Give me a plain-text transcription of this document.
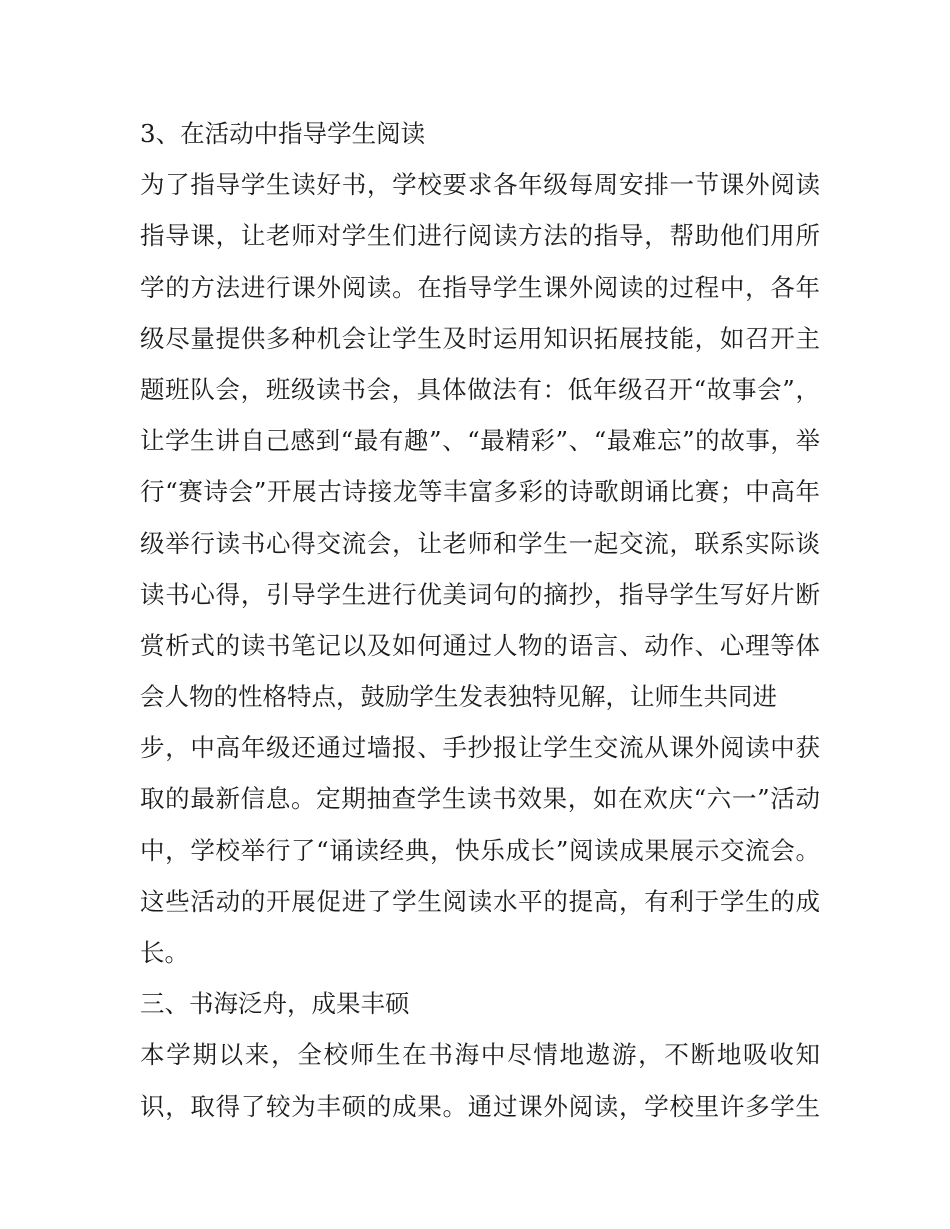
3、在活动中指导学生阅读
为了指导学生读好书，学校要求各年级每周安排一节课外阅读
指导课，让老师对学生们进行阅读方法的指导，帮助他们用所
学的方法进行课外阅读。在指导学生课外阅读的过程中，各年
级尽量提供多种机会让学生及时运用知识拓展技能，如召开主
题班队会，班级读书会，具体做法有：低年级召开“故事会”，
让学生讲自己感到“最有趣”、“最精彩”、“最难忘”的故事，举
行“赛诗会”开展古诗接龙等丰富多彩的诗歌朗诵比赛；中高年
级举行读书心得交流会，让老师和学生一起交流，联系实际谈
读书心得，引导学生进行优美词句的摘抄，指导学生写好片断
赏析式的读书笔记以及如何通过人物的语言、动作、心理等体
会人物的性格特点，鼓励学生发表独特见解，让师生共同进
步，中高年级还通过墙报、手抄报让学生交流从课外阅读中获
取的最新信息。定期抽查学生读书效果，如在欢庆“六一”活动
中，学校举行了“诵读经典，快乐成长”阅读成果展示交流会。
这些活动的开展促进了学生阅读水平的提高，有利于学生的成
长。
三、书海泛舟，成果丰硕
本学期以来，全校师生在书海中尽情地遨游，不断地吸收知
识，取得了较为丰硕的成果。通过课外阅读，学校里许多学生
